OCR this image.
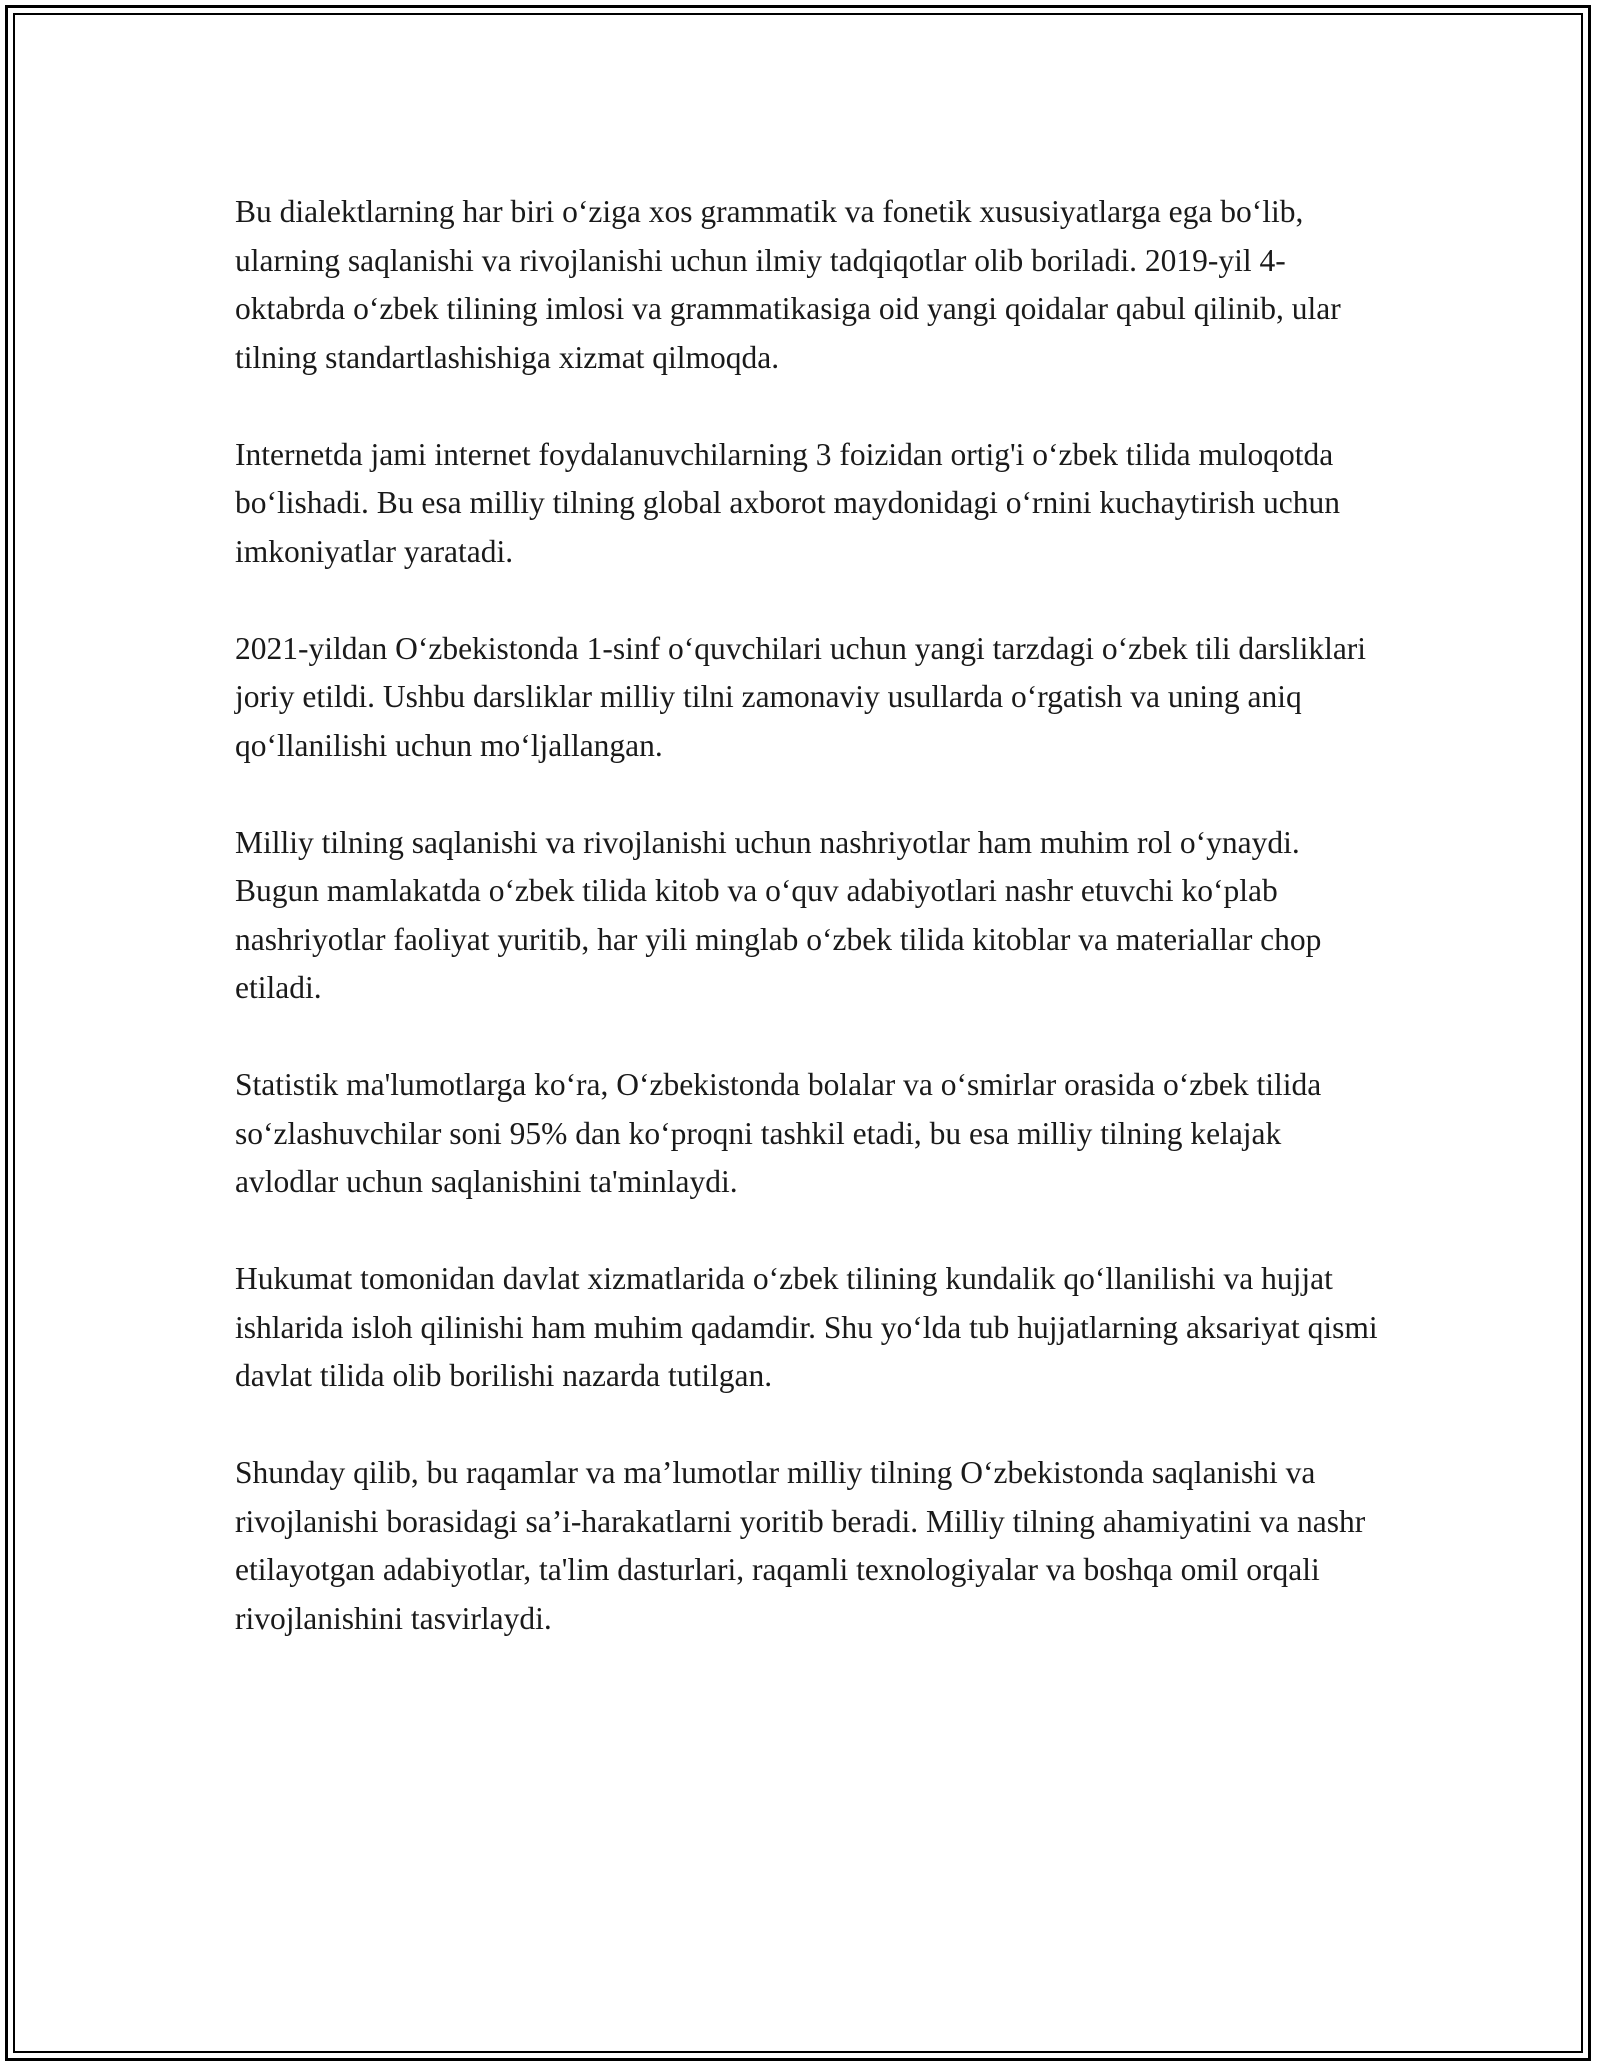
Bu dialektlarning har biri o‘ziga xos grammatik va fonetik xususiyatlarga ega bo‘lib, ularning saqlanishi va rivojlanishi uchun ilmiy tadqiqotlar olib boriladi. 2019-yil 4-oktabrda o‘zbek tilining imlosi va grammatikasiga oid yangi qoidalar qabul qilinib, ular tilning standartlashishiga xizmat qilmoqda.

Internetda jami internet foydalanuvchilarning 3 foizidan ortig'i o‘zbek tilida muloqotda bo‘lishadi. Bu esa milliy tilning global axborot maydonidagi o‘rnini kuchaytirish uchun imkoniyatlar yaratadi.

2021-yildan O‘zbekistonda 1-sinf o‘quvchilari uchun yangi tarzdagi o‘zbek tili darsliklari joriy etildi. Ushbu darsliklar milliy tilni zamonaviy usullarda o‘rgatish va uning aniq qo‘llanilishi uchun mo‘ljallangan.

Milliy tilning saqlanishi va rivojlanishi uchun nashriyotlar ham muhim rol o‘ynaydi. Bugun mamlakatda o‘zbek tilida kitob va o‘quv adabiyotlari nashr etuvchi ko‘plab nashriyotlar faoliyat yuritib, har yili minglab o‘zbek tilida kitoblar va materiallar chop etiladi.

Statistik ma'lumotlarga ko‘ra, O‘zbekistonda bolalar va o‘smirlar orasida o‘zbek tilida so‘zlashuvchilar soni 95% dan ko‘proqni tashkil etadi, bu esa milliy tilning kelajak avlodlar uchun saqlanishini ta'minlaydi.

Hukumat tomonidan davlat xizmatlarida o‘zbek tilining kundalik qo‘llanilishi va hujjat ishlarida isloh qilinishi ham muhim qadamdir. Shu yo‘lda tub hujjatlarning aksariyat qismi davlat tilida olib borilishi nazarda tutilgan.

Shunday qilib, bu raqamlar va ma’lumotlar milliy tilning O‘zbekistonda saqlanishi va rivojlanishi borasidagi sa’i-harakatlarni yoritib beradi. Milliy tilning ahamiyatini va nashr etilayotgan adabiyotlar, ta'lim dasturlari, raqamli texnologiyalar va boshqa omil orqali rivojlanishini tasvirlaydi.
